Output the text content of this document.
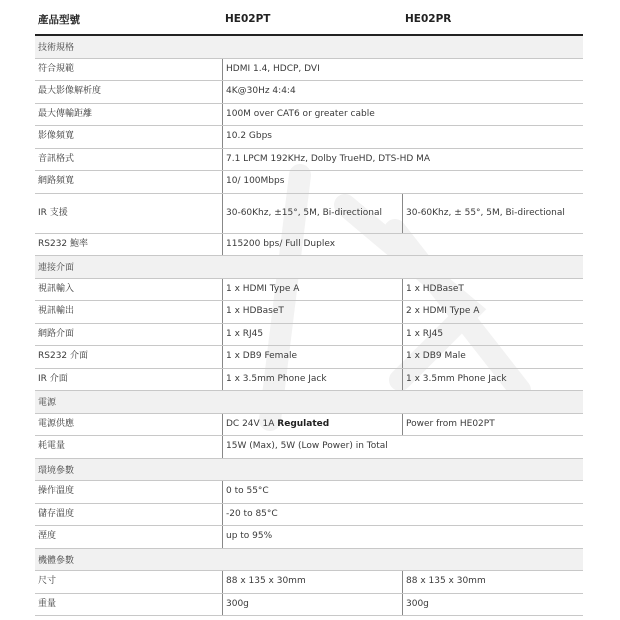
產品型號	HE02PT	HE02PR
技術規格
符合規範	HDMI 1.4, HDCP, DVI
最大影像解析度	4K@30Hz 4:4:4
最大傳輸距離	100M over CAT6 or greater cable
影像頻寬	10.2 Gbps
音訊格式	7.1 LPCM 192KHz, Dolby TrueHD, DTS-HD MA
網路頻寬	10/ 100Mbps
IR 支援	30-60Khz, ±15°, 5M, Bi-directional	30-60Khz, ± 55°, 5M, Bi-directional
RS232 鮑率	115200 bps/ Full Duplex
連接介面
視訊輸入	1 x HDMI Type A	1 x HDBaseT
視訊輸出	1 x HDBaseT	2 x HDMI Type A
網路介面	1 x RJ45	1 x RJ45
RS232 介面	1 x DB9 Female	1 x DB9 Male
IR 介面	1 x 3.5mm Phone Jack	1 x 3.5mm Phone Jack
電源
電源供應	DC 24V 1A Regulated	Power from HE02PT
耗電量	15W (Max), 5W (Low Power) in Total
環境參數
操作溫度	0 to 55°C
儲存溫度	-20 to 85°C
溼度	up to 95%
機體參數
尺寸	88 x 135 x 30mm	88 x 135 x 30mm
重量	300g	300g
